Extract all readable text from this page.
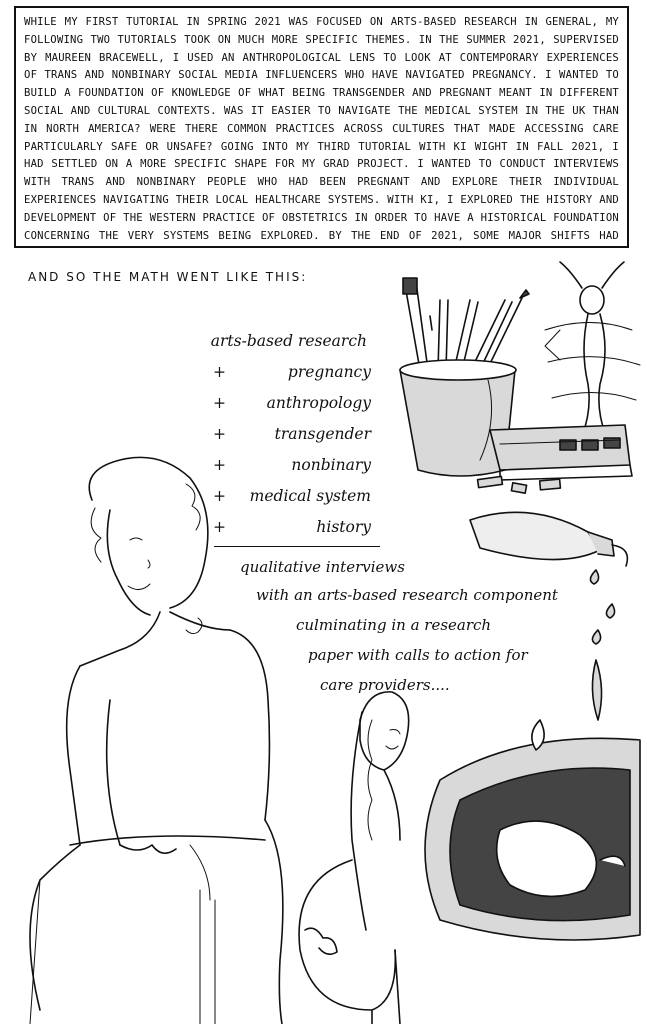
WHILE MY FIRST TUTORIAL IN SPRING 2021 WAS FOCUSED ON ARTS-BASED RESEARCH IN GENERAL, MY FOLLOWING TWO TUTORIALS TOOK ON MUCH MORE SPECIFIC THEMES. IN THE SUMMER 2021, SUPERVISED BY MAUREEN BRACEWELL, I USED AN ANTHROPOLOGICAL LENS TO LOOK AT CONTEMPORARY EXPERIENCES OF TRANS AND NONBINARY SOCIAL MEDIA INFLUENCERS WHO HAVE NAVIGATED PREGNANCY. I WANTED TO BUILD A FOUNDATION OF KNOWLEDGE OF WHAT BEING TRANSGENDER AND PREGNANT MEANT IN DIFFERENT SOCIAL AND CULTURAL CONTEXTS. WAS IT EASIER TO NAVIGATE THE MEDICAL SYSTEM IN THE UK THAN IN NORTH AMERICA? WERE THERE COMMON PRACTICES ACROSS CULTURES THAT MADE ACCESSING CARE PARTICULARLY SAFE OR UNSAFE? GOING INTO MY THIRD TUTORIAL WITH KI WIGHT IN FALL 2021, I HAD SETTLED ON A MORE SPECIFIC SHAPE FOR MY GRAD PROJECT. I WANTED TO CONDUCT INTERVIEWS WITH TRANS AND NONBINARY PEOPLE WHO HAD BEEN PREGNANT AND EXPLORE THEIR INDIVIDUAL EXPERIENCES NAVIGATING THEIR LOCAL HEALTHCARE SYSTEMS. WITH KI, I EXPLORED THE HISTORY AND DEVELOPMENT OF THE WESTERN PRACTICE OF OBSTETRICS IN ORDER TO HAVE A HISTORICAL FOUNDATION CONCERNING THE VERY SYSTEMS BEING EXPLORED. BY THE END OF 2021, SOME MAJOR SHIFTS HAD
AND SO THE MATH WENT LIKE THIS:
arts-based research
+	pregnancy
+	anthropology
+	transgender
+	nonbinary
+ medical system
+	history
qualitative interviews
with an arts-based research component
culminating in a research
paper with calls to action for
care providers....
